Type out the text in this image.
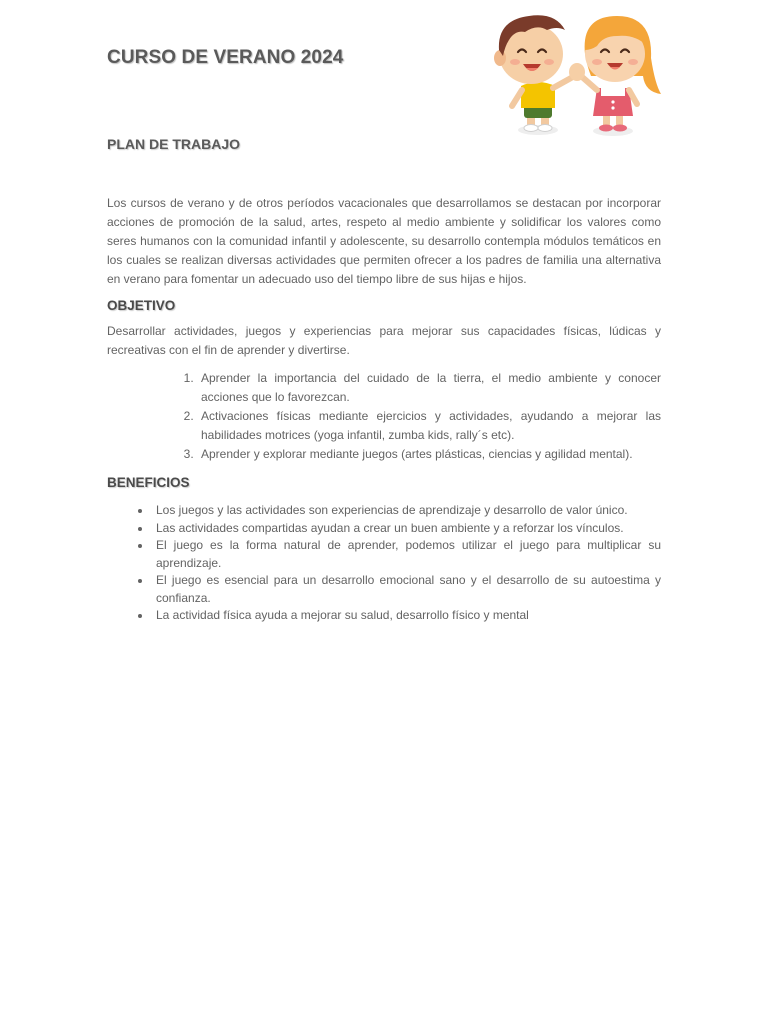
CURSO DE VERANO 2024
PLAN DE TRABAJO

Los cursos de verano y de otros períodos vacacionales que desarrollamos se destacan por incorporar acciones de promoción de la salud, artes, respeto al medio ambiente y solidificar los valores como seres humanos con la comunidad infantil y adolescente, su desarrollo contempla módulos temáticos en los cuales se realizan diversas actividades que permiten ofrecer a los padres de familia una alternativa en verano para fomentar un adecuado uso del tiempo libre de sus hijas e hijos.

OBJETIVO

Desarrollar actividades, juegos y experiencias para mejorar sus capacidades físicas, lúdicas y recreativas con el fin de aprender y divertirse.

1. Aprender la importancia del cuidado de la tierra, el medio ambiente y conocer acciones que lo favorezcan.
2. Activaciones físicas mediante ejercicios y actividades, ayudando a mejorar las habilidades motrices (yoga infantil, zumba kids, rally´s etc).
3. Aprender y explorar mediante juegos (artes plásticas, ciencias y agilidad mental).
BENEFICIOS
• Los juegos y las actividades son experiencias de aprendizaje y desarrollo de valor único.
• Las actividades compartidas ayudan a crear un buen ambiente y a reforzar los vínculos.
• El juego es la forma natural de aprender, podemos utilizar el juego para multiplicar su aprendizaje.
• El juego es esencial para un desarrollo emocional sano y el desarrollo de su autoestima y confianza.
• La actividad física ayuda a mejorar su salud, desarrollo físico y mental
